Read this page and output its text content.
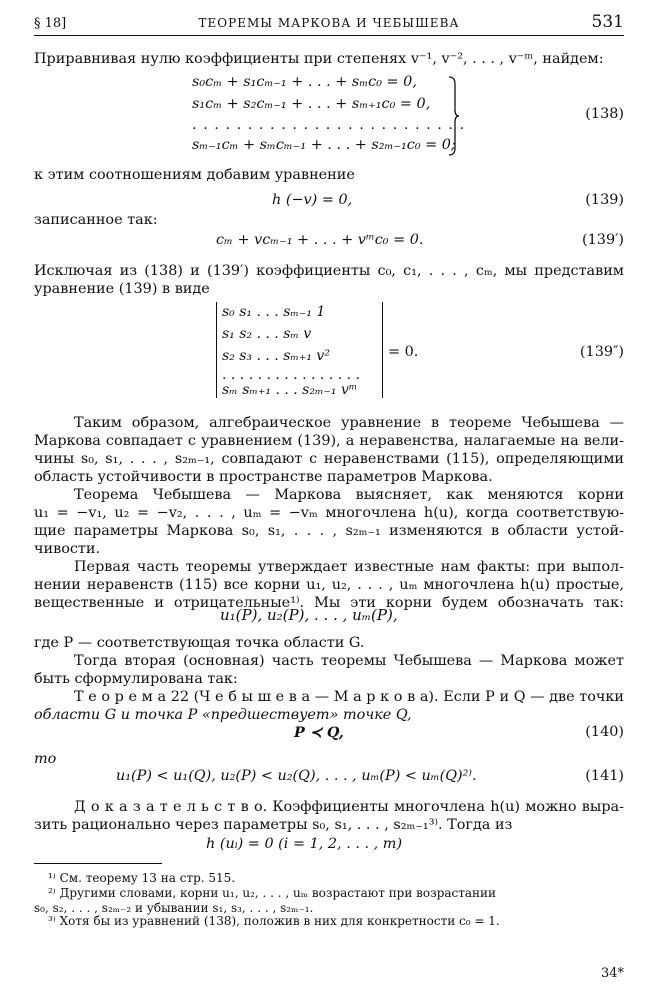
§ 18]	ТЕОРЕМЫ МАРКОВА И ЧЕБЫШЕВА	531
Приравнивая нулю коэффициенты при степенях v⁻¹, v⁻², . . . , v⁻ᵐ, найдем:
s₀cₘ + s₁cₘ₋₁ + . . . + sₘc₀ = 0,
s₁cₘ + s₂cₘ₋₁ + . . . + sₘ₊₁c₀ = 0,
. . . . . . . . . . . . . . . . . . . . . . . . .
sₘ₋₁cₘ + sₘcₘ₋₁ + . . . + s₂ₘ₋₁c₀ = 0;
(138)
к этим соотношениям добавим уравнение
h (−v) = 0,	(139)
записанное так:
cₘ + vcₘ₋₁ + . . . + vᵐc₀ = 0.	(139′)
Исключая из (138) и (139′) коэффициенты c₀, c₁, . . . , cₘ, мы представим
уравнение (139) в виде
s₀ s₁ . . . sₘ₋₁ 1
s₁ s₂ . . . sₘ v
s₂ s₃ . . . sₘ₊₁ v²
. . . . . . . . . . . . . . . .
sₘ sₘ₊₁ . . . s₂ₘ₋₁ vᵐ
= 0.	(139″)
Таким образом, алгебраическое уравнение в теореме Чебышева —
Маркова совпадает с уравнением (139), а неравенства, налагаемые на вели-
чины s₀, s₁, . . . , s₂ₘ₋₁, совпадают с неравенствами (115), определяющими
область устойчивости в пространстве параметров Маркова.
Теорема Чебышева — Маркова выясняет, как меняются корни
u₁ = −v₁, u₂ = −v₂, . . . , uₘ = −vₘ многочлена h(u), когда соответствую-
щие параметры Маркова s₀, s₁, . . . , s₂ₘ₋₁ изменяются в области устой-
чивости.
Первая часть теоремы утверждает известные нам факты: при выпол-
нении неравенств (115) все корни u₁, u₂, . . . , uₘ многочлена h(u) простые,
вещественные и отрицательные¹⁾. Мы эти корни будем обозначать так:
u₁(P), u₂(P), . . . , uₘ(P),
где P — соответствующая точка области G.
Тогда вторая (основная) часть теоремы Чебышева — Маркова может
быть сформулирована так:
Т е о р е м а 22 (Ч е б ы ш е в а — М а р к о в а). Если P и Q — две точки
области G и точка P «предшествует» точке Q,
P ≺ Q,	(140)
то
u₁(P) < u₁(Q), u₂(P) < u₂(Q), . . . , uₘ(P) < uₘ(Q)²⁾.	(141)
Д о к а з а т е л ь с т в о. Коэффициенты многочлена h(u) можно выра-
зить рационально через параметры s₀, s₁, . . . , s₂ₘ₋₁³⁾. Тогда из
h (uᵢ) = 0 (i = 1, 2, . . . , m)
¹⁾ См. теорему 13 на стр. 515.
²⁾ Другими словами, корни u₁, u₂, . . . , uₘ возрастают при возрастании
s₀, s₂, . . . , s₂ₘ₋₂ и убывании s₁, s₃, . . . , s₂ₘ₋₁.
³⁾ Хотя бы из уравнений (138), положив в них для конкретности c₀ = 1.
34*
